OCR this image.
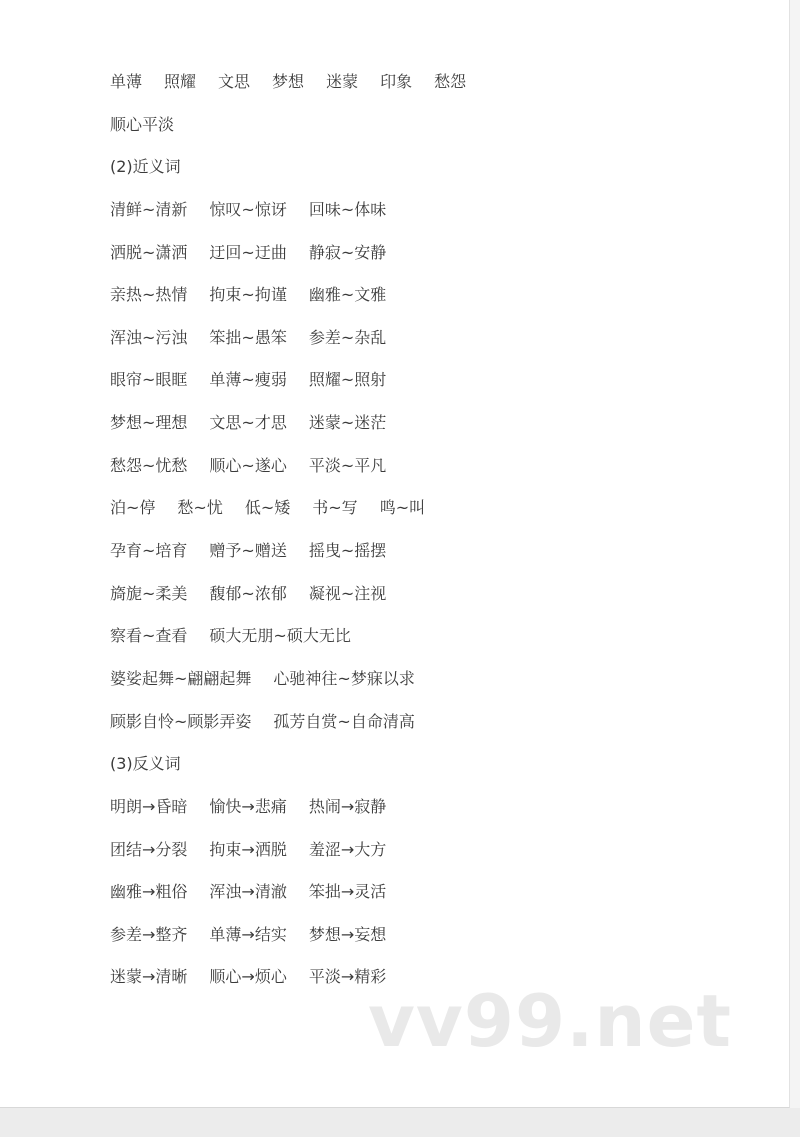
单薄 照耀 文思 梦想 迷蒙 印象 愁怨
顺心平淡
(2)近义词
清鲜~清新 惊叹~惊讶 回味~体味
洒脱~潇洒 迂回~迂曲 静寂~安静
亲热~热情 拘束~拘谨 幽雅~文雅
浑浊~污浊 笨拙~愚笨 参差~杂乱
眼帘~眼眶 单薄~瘦弱 照耀~照射
梦想~理想 文思~才思 迷蒙~迷茫
愁怨~忧愁 顺心~遂心 平淡~平凡
泊~停 愁~忧 低~矮 书~写 鸣~叫
孕育~培育 赠予~赠送 摇曳~摇摆
旖旎~柔美 馥郁~浓郁 凝视~注视
察看~查看 硕大无朋~硕大无比
婆娑起舞~翩翩起舞 心驰神往~梦寐以求
顾影自怜~顾影弄姿 孤芳自赏~自命清高
(3)反义词
明朗→昏暗 愉快→悲痛 热闹→寂静
团结→分裂 拘束→洒脱 羞涩→大方
幽雅→粗俗 浑浊→清澈 笨拙→灵活
参差→整齐 单薄→结实 梦想→妄想
迷蒙→清晰 顺心→烦心 平淡→精彩
vv99.net
